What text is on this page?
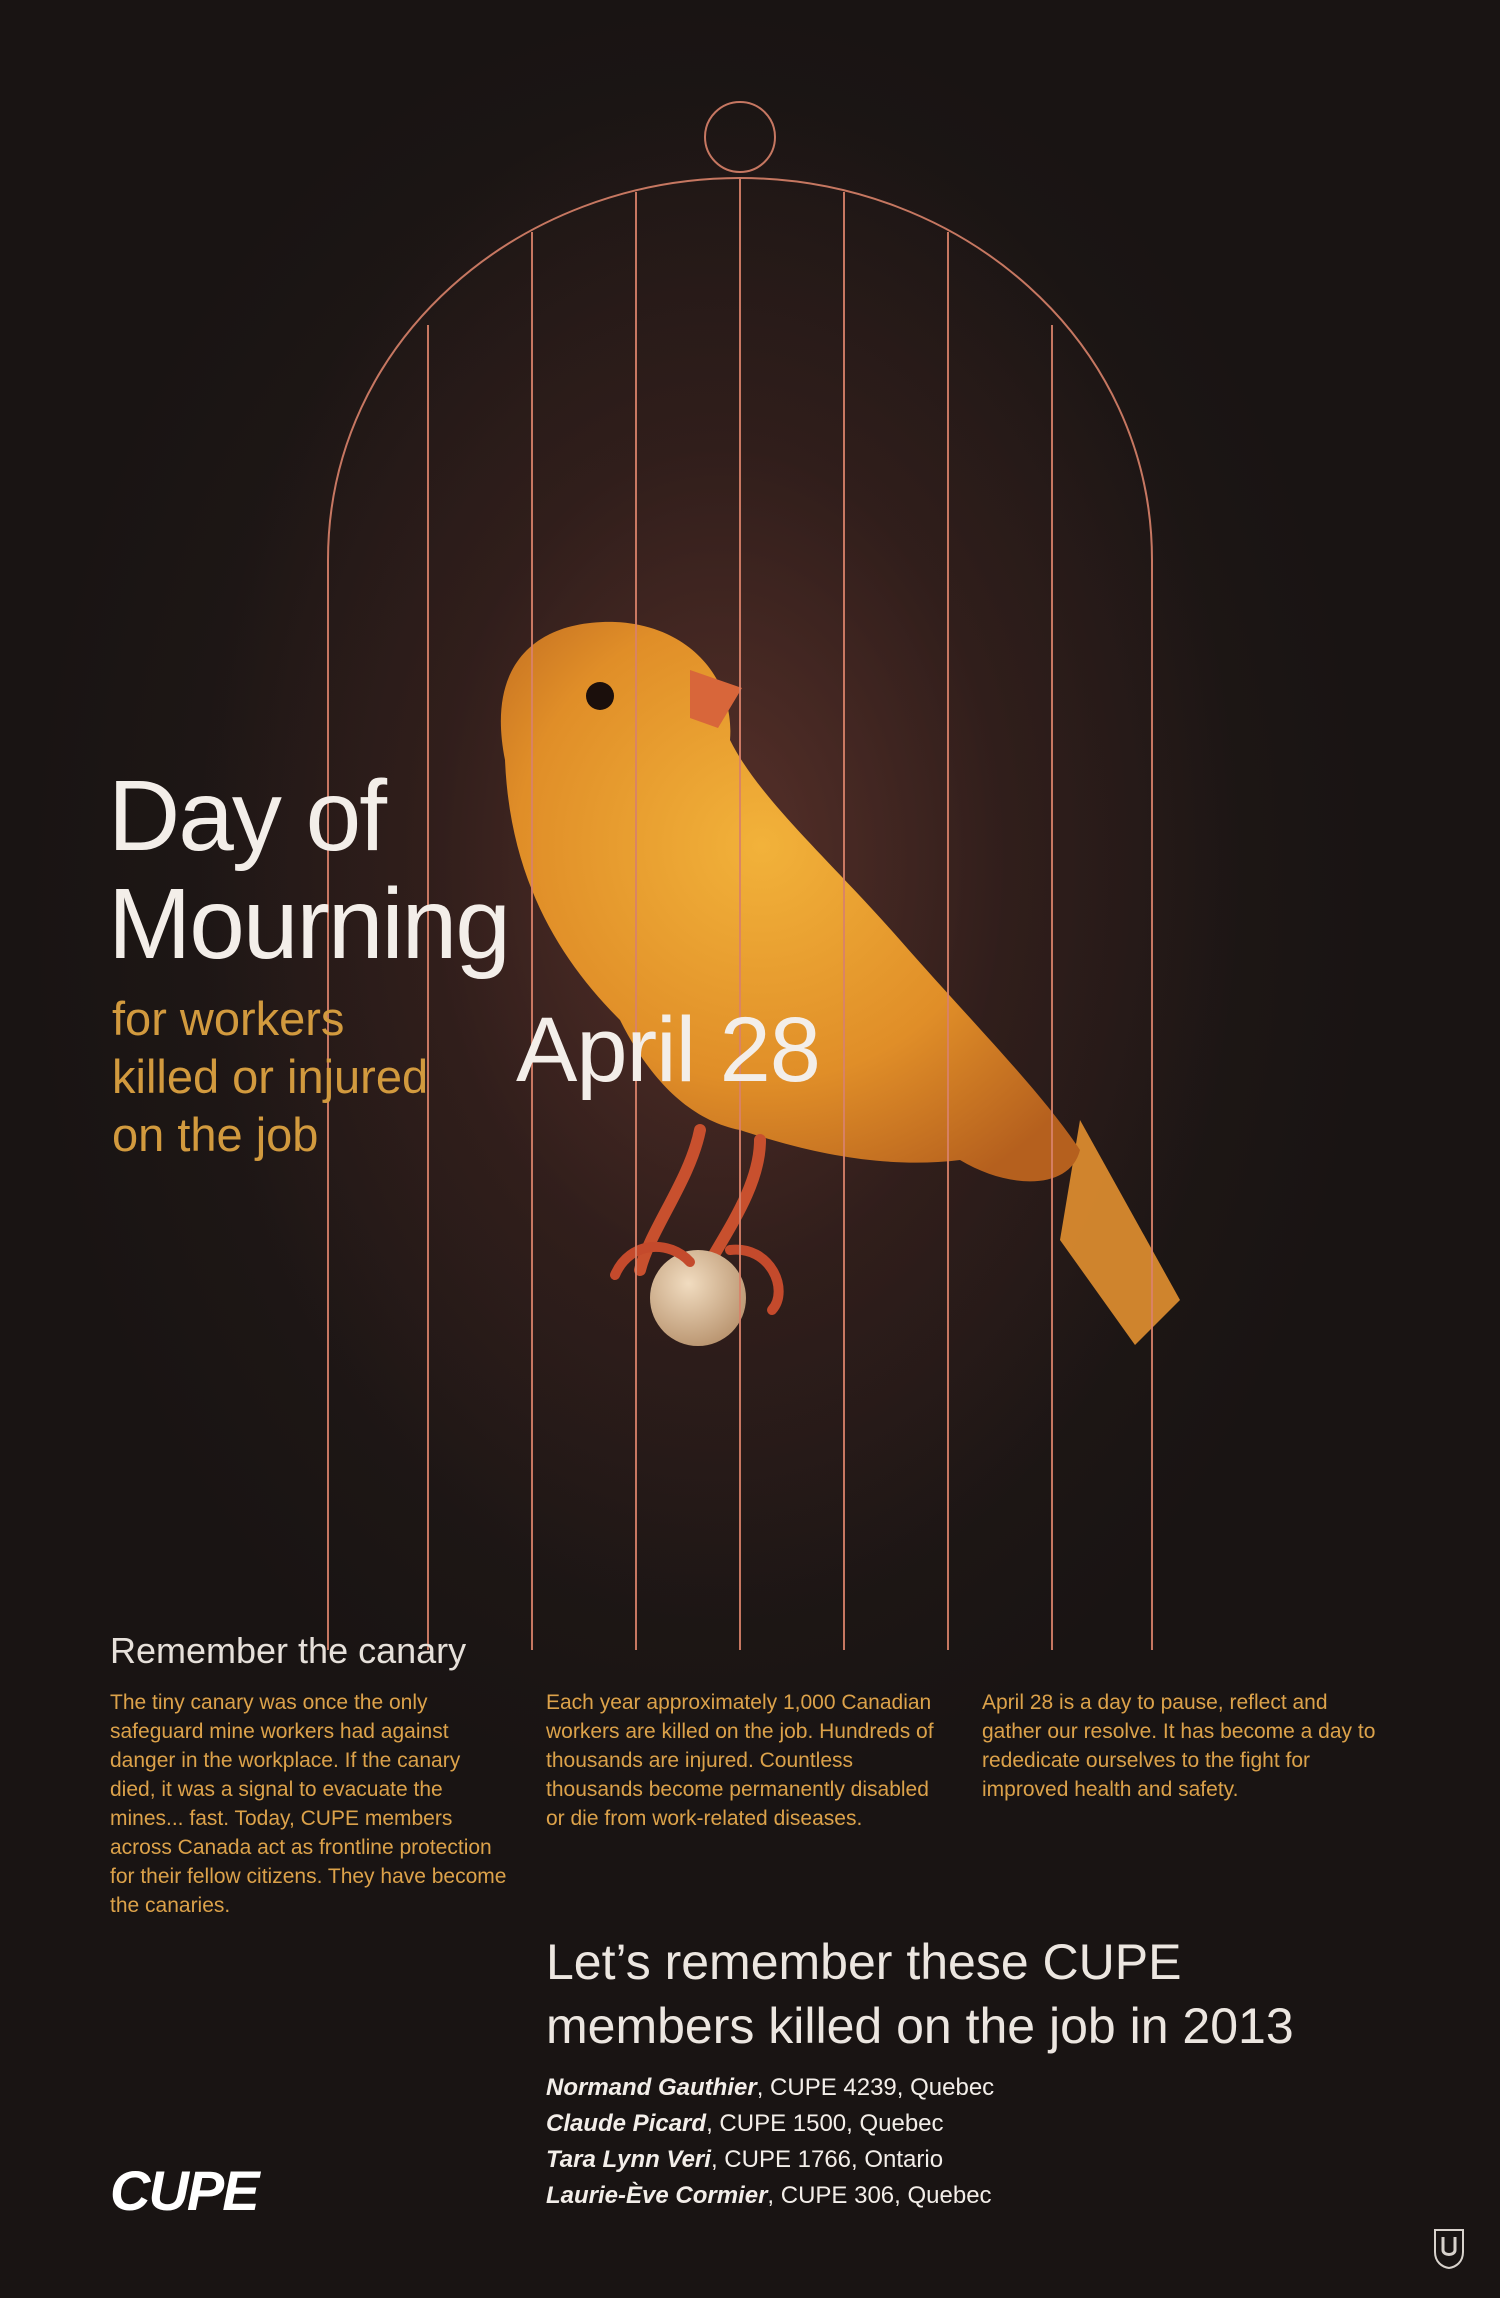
Day of
Mourning

for workers
killed or injured
on the job

April 28
Remember the canary

The tiny canary was once the only safeguard mine workers had against danger in the workplace. If the canary died, it was a signal to evacuate the mines... fast. Today, CUPE members across Canada act as frontline protection for their fellow citizens. They have become the canaries.

Each year approximately 1,000 Canadian workers are killed on the job. Hundreds of thousands are injured. Countless thousands become permanently disabled or die from work-related diseases.

April 28 is a day to pause, reflect and gather our resolve. It has become a day to rededicate ourselves to the fight for improved health and safety.

Let’s remember these CUPE
members killed on the job in 2013
Normand Gauthier, CUPE 4239, Quebec
Claude Picard, CUPE 1500, Quebec
Tara Lynn Veri, CUPE 1766, Ontario
Laurie-Ève Cormier, CUPE 306, Quebec
CUPE
